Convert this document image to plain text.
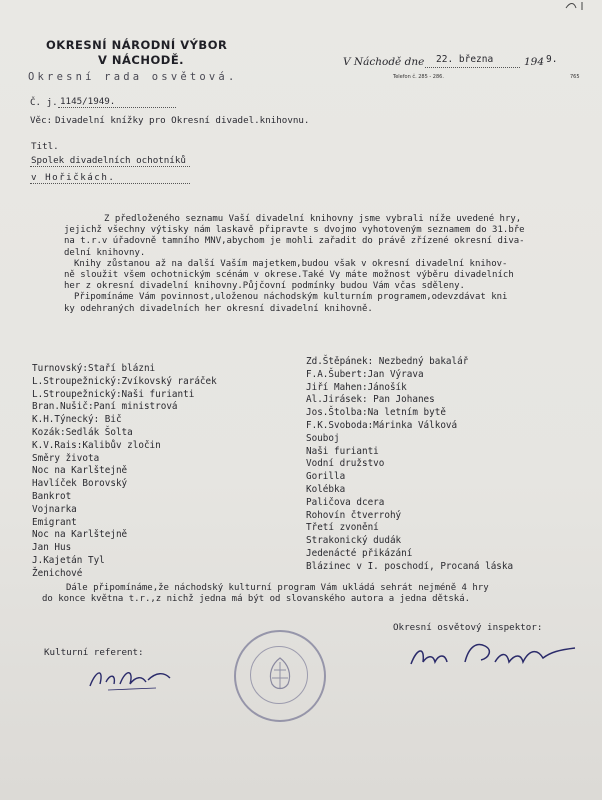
OKRESNÍ NÁRODNÍ VÝBOR
V NÁCHODĚ.
Okresní rada osvětová.
V Náchodě dne 22. března	194 9.
Telefon č. 285 - 286.	765
Č. j. 1145/1949.
Věc: Divadelní knížky pro Okresní divadel.knihovnu.
Titl.
Spolek divadelních ochotníků
v Hořičkách.
Z předloženého seznamu Vaší divadelní knihovny jsme vybrali níže uvedené hry,
jejichž všechny výtisky nám laskavě připravte s dvojmo vyhotoveným seznamem do 31.bře
na t.r.v úřadovně tamního MNV,abychom je mohli zařadit do právě zřízené okresní diva-
delní knihovny.
Knihy zůstanou až na další Vaším majetkem,budou však v okresní divadelní knihov-
ně sloužit všem ochotnickým scénám v okrese.Také Vy máte možnost výběru divadelních
her z okresní divadelní knihovny.Půjčovní podmínky budou Vám včas sděleny.
Připomínáme Vám povinnost,uloženou náchodským kulturním programem,odevzdávat kni
ky odehraných divadelních her okresní divadelní knihovně.
Turnovský:Staří blázni
L.Stroupežnický:Zvíkovský raráček
L.Stroupežnický:Naši furianti
Bran.Nušič:Paní ministrová
K.H.Týnecký: Bič
Kozák:Sedlák Šolta
K.V.Rais:Kalibův zločin
Směry života
Noc na Karlštejně
Havlíček Borovský
Bankrot
Vojnarka
Emigrant
Noc na Karlštejně
Jan Hus
J.Kajetán Tyl
Ženichové
Zd.Štěpánek: Nezbedný bakalář
F.A.Šubert:Jan Výrava
Jiří Mahen:Jánošík
Al.Jirásek: Pan Johanes
Jos.Štolba:Na letním bytě
F.K.Svoboda:Márinka Válková
Souboj
Naši furianti
Vodní družstvo
Gorilla
Kolébka
Paličova dcera
Rohovín čtverrohý
Třetí zvonění
Strakonický dudák
Jedenácté přikázání
Blázinec v I. poschodí, Procaná láska
Dále připomínáme,že náchodský kulturní program Vám ukládá sehrát nejméně 4 hry
do konce května t.r.,z nichž jedna má být od slovanského autora a jedna dětská.
Kulturní referent:
Okresní osvětový inspektor:
